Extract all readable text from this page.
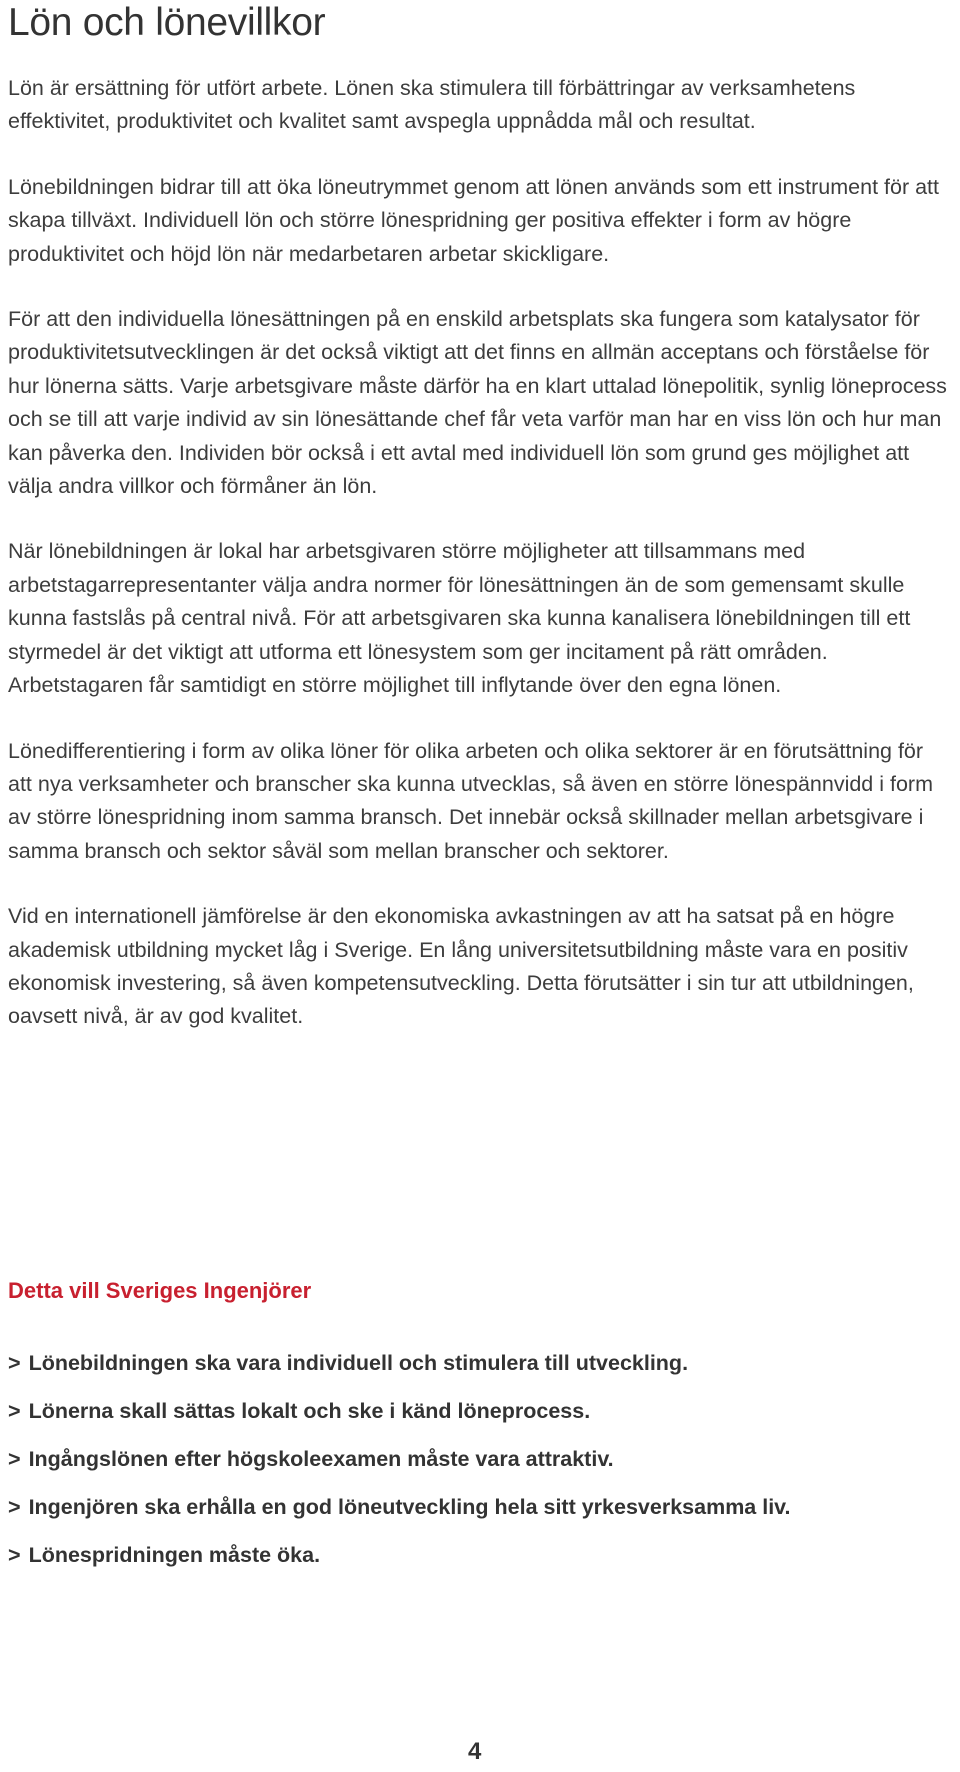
Lön och lönevillkor

Lön är ersättning för utfört arbete. Lönen ska stimulera till förbättringar av verksamhetens effektivitet, produktivitet och kvalitet samt avspegla uppnådda mål och resultat.

Lönebildningen bidrar till att öka löneutrymmet genom att lönen används som ett instrument för att skapa tillväxt. Individuell lön och större lönespridning ger positiva effekter i form av högre produktivitet och höjd lön när medarbetaren arbetar skickligare.

För att den individuella lönesättningen på en enskild arbetsplats ska fungera som katalysator för produktivitetsutvecklingen är det också viktigt att det finns en allmän acceptans och förståelse för hur lönerna sätts. Varje arbetsgivare måste därför ha en klart uttalad lönepolitik, synlig löneprocess och se till att varje individ av sin lönesättande chef får veta varför man har en viss lön och hur man kan påverka den. Individen bör också i ett avtal med individuell lön som grund ges möjlighet att välja andra villkor och förmåner än lön.

När lönebildningen är lokal har arbetsgivaren större möjligheter att tillsammans med arbetstagarrepresentanter välja andra normer för lönesättningen än de som gemensamt skulle kunna fastslås på central nivå. För att arbetsgivaren ska kunna kanalisera lönebildningen till ett styrmedel är det viktigt att utforma ett lönesystem som ger incitament på rätt områden. Arbetstagaren får samtidigt en större möjlighet till inflytande över den egna lönen.

Lönedifferentiering i form av olika löner för olika arbeten och olika sektorer är en förutsättning för att nya verksamheter och branscher ska kunna utvecklas, så även en större lönespännvidd i form av större lönespridning inom samma bransch. Det innebär också skillnader mellan arbetsgivare i samma bransch och sektor såväl som mellan branscher och sektorer.

Vid en internationell jämförelse är den ekonomiska avkastningen av att ha satsat på en högre akademisk utbildning mycket låg i Sverige. En lång universitetsutbildning måste vara en positiv ekonomisk investering, så även kompetensutveckling. Detta förutsätter i sin tur att utbildningen, oavsett nivå, är av god kvalitet.

Detta vill Sveriges Ingenjörer
> Lönebildningen ska vara individuell och stimulera till utveckling.
> Lönerna skall sättas lokalt och ske i känd löneprocess.
> Ingångslönen efter högskoleexamen måste vara attraktiv.
> Ingenjören ska erhålla en god löneutveckling hela sitt yrkesverksamma liv.
> Lönespridningen måste öka.
4
